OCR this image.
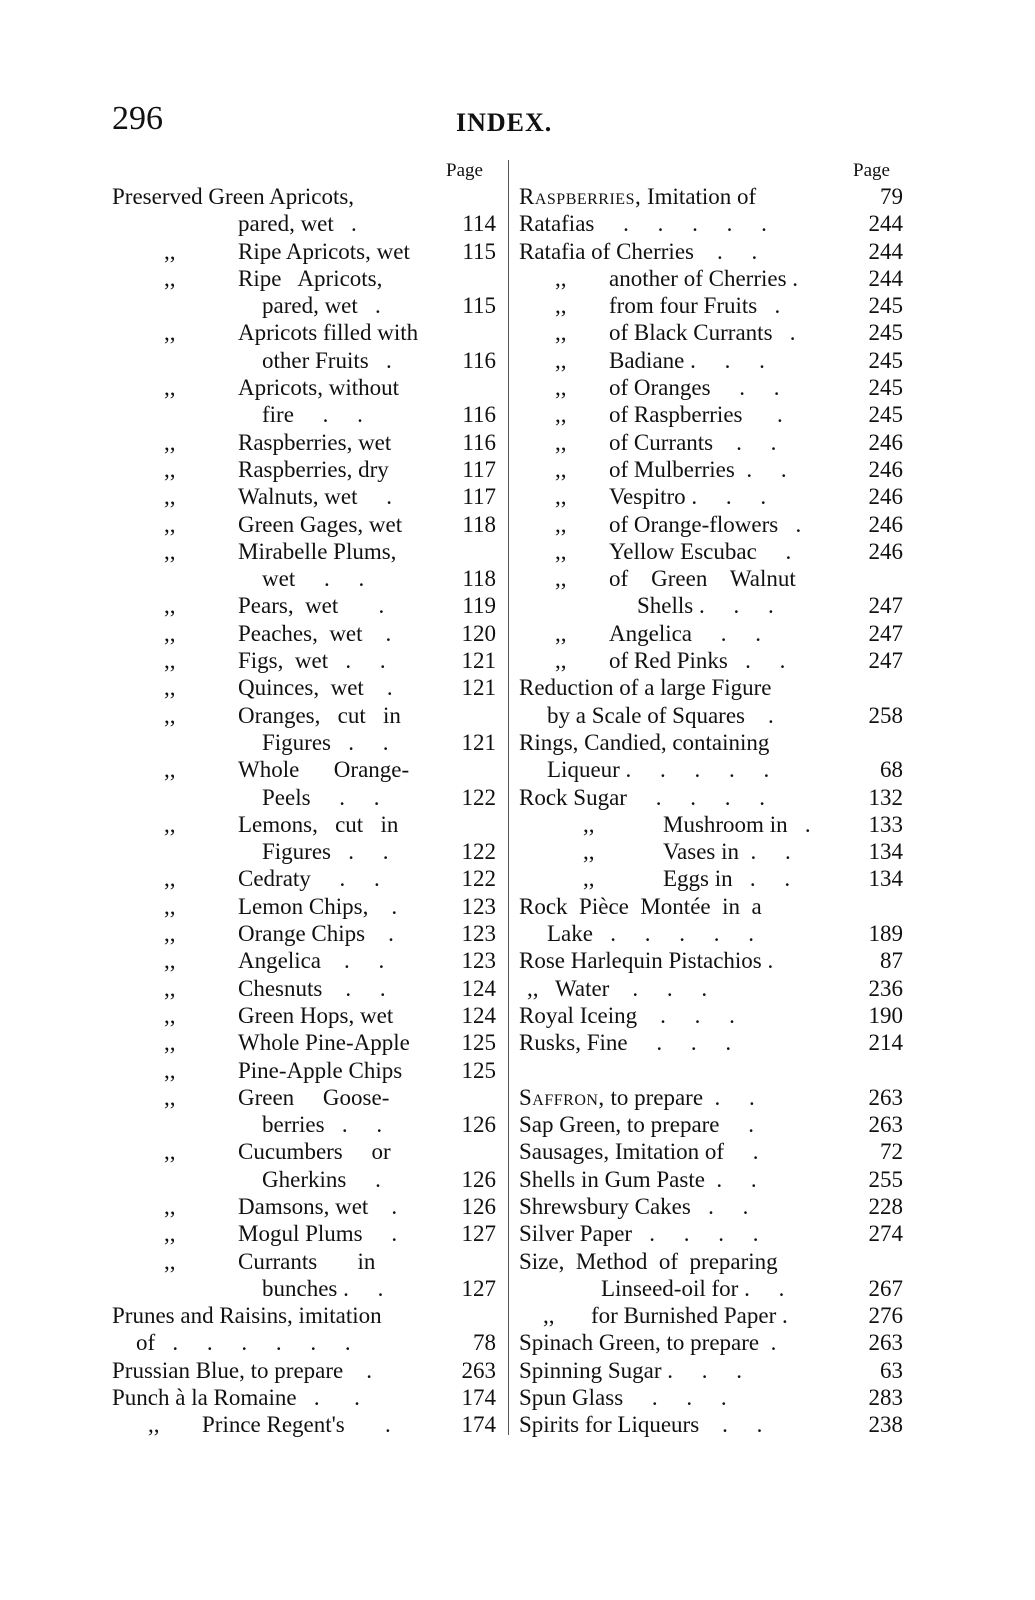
296	INDEX.
Page	Page
Preserved Green Apricots,
pared, wet   .	114
,,	Ripe Apricots, wet 115
,,	Ripe   Apricots,
pared, wet   .	115
,,	Apricots filled with
other Fruits   .	116
,,	Apricots, without
fire     .     .	116
,,	Raspberries, wet	116
,,	Raspberries, dry	117
,,	Walnuts, wet     .	117
,,	Green Gages, wet	118
,,	Mirabelle Plums,
wet     .     .	118
,,	Pears,  wet       .	119
,,	Peaches,  wet    .	120
,,	Figs,  wet   .     .	121
,,	Quinces,  wet    .	121
,,	Oranges,   cut   in
Figures   .     .	121
,,	Whole      Orange-
Peels     .     .	122
,,	Lemons,   cut   in
Figures   .     .	122
,,	Cedraty     .     .	122
,,	Lemon Chips,    .	123
,,	Orange Chips    .	123
,,	Angelica    .     .	123
,,	Chesnuts    .     .	124
,,	Green Hops, wet	124
,,	Whole Pine-Apple 125
,,	Pine-Apple Chips	125
,,	Green     Goose-
berries   .     .	126
,,	Cucumbers     or
Gherkins     .	126
,,	Damsons, wet    .	126
,,	Mogul Plums     .	127
,,	Currants       in
bunches .     .	127
Prunes and Raisins, imitation
of   .     .     .     .     .     .	78
Prussian Blue, to prepare    .	263
Punch à la Romaine   .      .	174
,, Prince Regent's       .	174
Raspberries, Imitation of	79
Ratafias     .     .     .     .     .	244
Ratafia of Cherries    .     .	244
,, another of Cherries .	244
,, from four Fruits   .	245
,, of Black Currants   .	245
,, Badiane .     .     .	245
,, of Oranges     .     .	245
,, of Raspberries      .	245
,, of Currants    .     .	246
,, of Mulberries  .     .	246
,, Vespitro .     .     .	246
,, of Orange-flowers   .	246
,, Yellow Escubac     .	246
,, of    Green    Walnut
Shells .     .     .	247
,, Angelica     .     .	247
,, of Red Pinks   .     .	247
Reduction of a large Figure
by a Scale of Squares    .	258
Rings, Candied, containing
Liqueur .     .     .     .     .	68
Rock Sugar     .     .     .     .	132
,,	Mushroom in   .	133
,,	Vases in  .     .	134
,,	Eggs in   .     .	134
Rock  Pièce  Montée  in  a
Lake   .     .     .     .     .	189
Rose Harlequin Pistachios .	87
,, Water    .     .     .	236
Royal Iceing    .     .     .	190
Rusks, Fine     .     .     .	214
Saffron, to prepare  .     .	263
Sap Green, to prepare     .	263
Sausages, Imitation of     .	72
Shells in Gum Paste  .     .	255
Shrewsbury Cakes   .     .	228
Silver Paper   .     .     .     .	274
Size,  Method  of  preparing
Linseed-oil for .     .	267
,, for Burnished Paper .	276
Spinach Green, to prepare  .	263
Spinning Sugar .     .     .	63
Spun Glass     .     .     .	283
Spirits for Liqueurs    .     .	238
